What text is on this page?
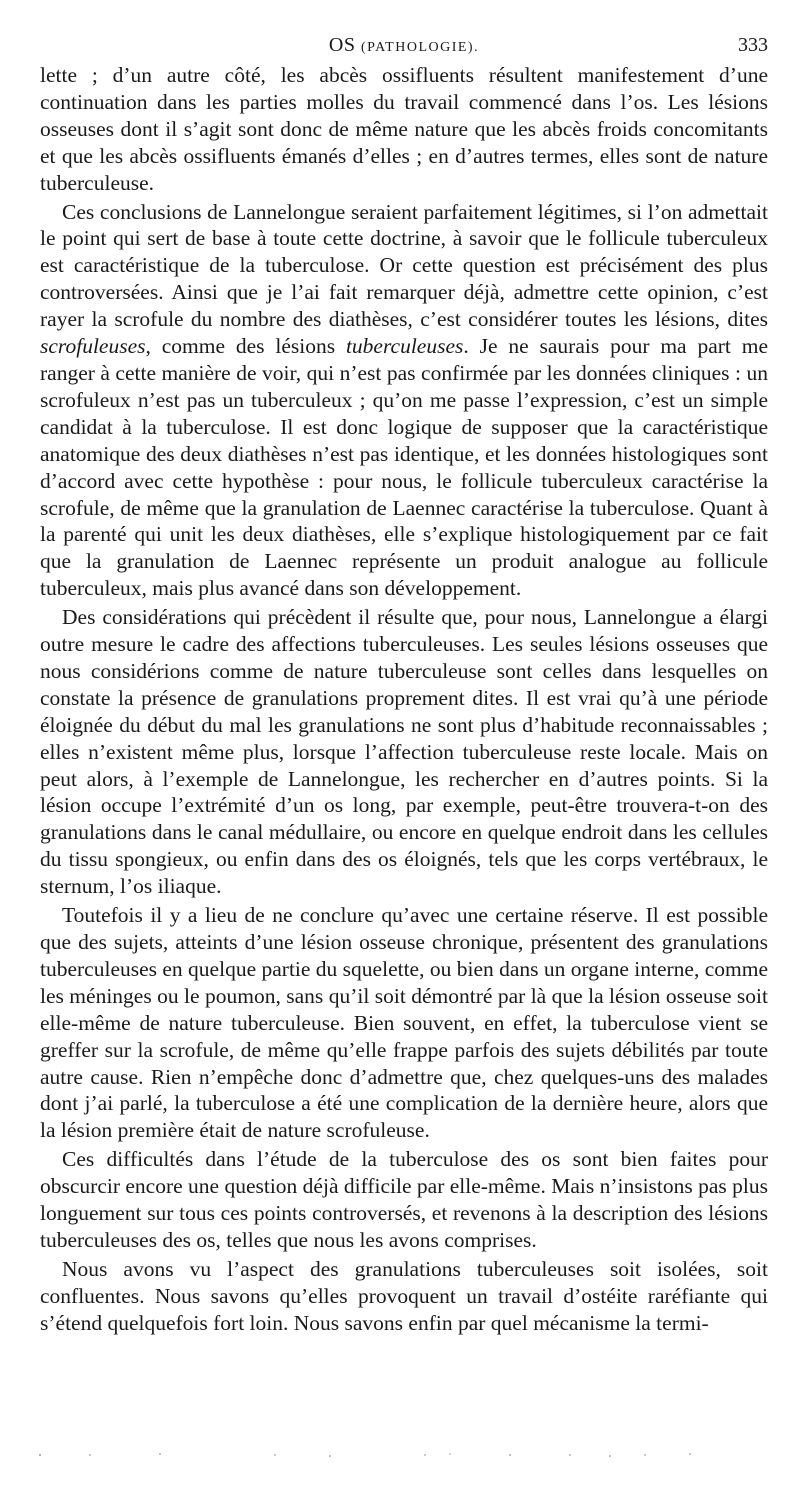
OS (PATHOLOGIE).	333

lette ; d’un autre côté, les abcès ossifluents résultent manifestement d’une continuation dans les parties molles du travail commencé dans l’os. Les lésions osseuses dont il s’agit sont donc de même nature que les abcès froids concomitants et que les abcès ossifluents émanés d’elles ; en d’autres termes, elles sont de nature tuberculeuse.

Ces conclusions de Lannelongue seraient parfaitement légitimes, si l’on admettait le point qui sert de base à toute cette doctrine, à savoir que le follicule tuberculeux est caractéristique de la tuberculose. Or cette question est précisément des plus controversées. Ainsi que je l’ai fait remarquer déjà, admettre cette opinion, c’est rayer la scrofule du nombre des diathèses, c’est considérer toutes les lésions, dites scrofuleuses, comme des lésions tuberculeuses. Je ne saurais pour ma part me ranger à cette manière de voir, qui n’est pas confirmée par les données cliniques : un scrofuleux n’est pas un tuberculeux ; qu’on me passe l’expression, c’est un simple candidat à la tuberculose. Il est donc logique de supposer que la caractéristique anatomique des deux diathèses n’est pas identique, et les données histologiques sont d’accord avec cette hypothèse : pour nous, le follicule tuberculeux caractérise la scrofule, de même que la granulation de Laennec caractérise la tuberculose. Quant à la parenté qui unit les deux diathèses, elle s’explique histologiquement par ce fait que la granulation de Laennec représente un produit analogue au follicule tuberculeux, mais plus avancé dans son développement.

Des considérations qui précèdent il résulte que, pour nous, Lannelongue a élargi outre mesure le cadre des affections tuberculeuses. Les seules lésions osseuses que nous considérions comme de nature tuberculeuse sont celles dans lesquelles on constate la présence de granulations proprement dites. Il est vrai qu’à une période éloignée du début du mal les granulations ne sont plus d’habitude reconnaissables ; elles n’existent même plus, lorsque l’affection tuberculeuse reste locale. Mais on peut alors, à l’exemple de Lannelongue, les rechercher en d’autres points. Si la lésion occupe l’extrémité d’un os long, par exemple, peut-être trouvera-t-on des granulations dans le canal médullaire, ou encore en quelque endroit dans les cellules du tissu spongieux, ou enfin dans des os éloignés, tels que les corps vertébraux, le sternum, l’os iliaque.

Toutefois il y a lieu de ne conclure qu’avec une certaine réserve. Il est possible que des sujets, atteints d’une lésion osseuse chronique, présentent des granulations tuberculeuses en quelque partie du squelette, ou bien dans un organe interne, comme les méninges ou le poumon, sans qu’il soit démontré par là que la lésion osseuse soit elle-même de nature tuberculeuse. Bien souvent, en effet, la tuberculose vient se greffer sur la scrofule, de même qu’elle frappe parfois des sujets débilités par toute autre cause. Rien n’empêche donc d’admettre que, chez quelques-uns des malades dont j’ai parlé, la tuberculose a été une complication de la dernière heure, alors que la lésion première était de nature scrofuleuse.

Ces difficultés dans l’étude de la tuberculose des os sont bien faites pour obscurcir encore une question déjà difficile par elle-même. Mais n’insistons pas plus longuement sur tous ces points controversés, et revenons à la description des lésions tuberculeuses des os, telles que nous les avons comprises.

Nous avons vu l’aspect des granulations tuberculeuses soit isolées, soit confluentes. Nous savons qu’elles provoquent un travail d’ostéite raréfiante qui s’étend quelquefois fort loin. Nous savons enfin par quel mécanisme la termi-
